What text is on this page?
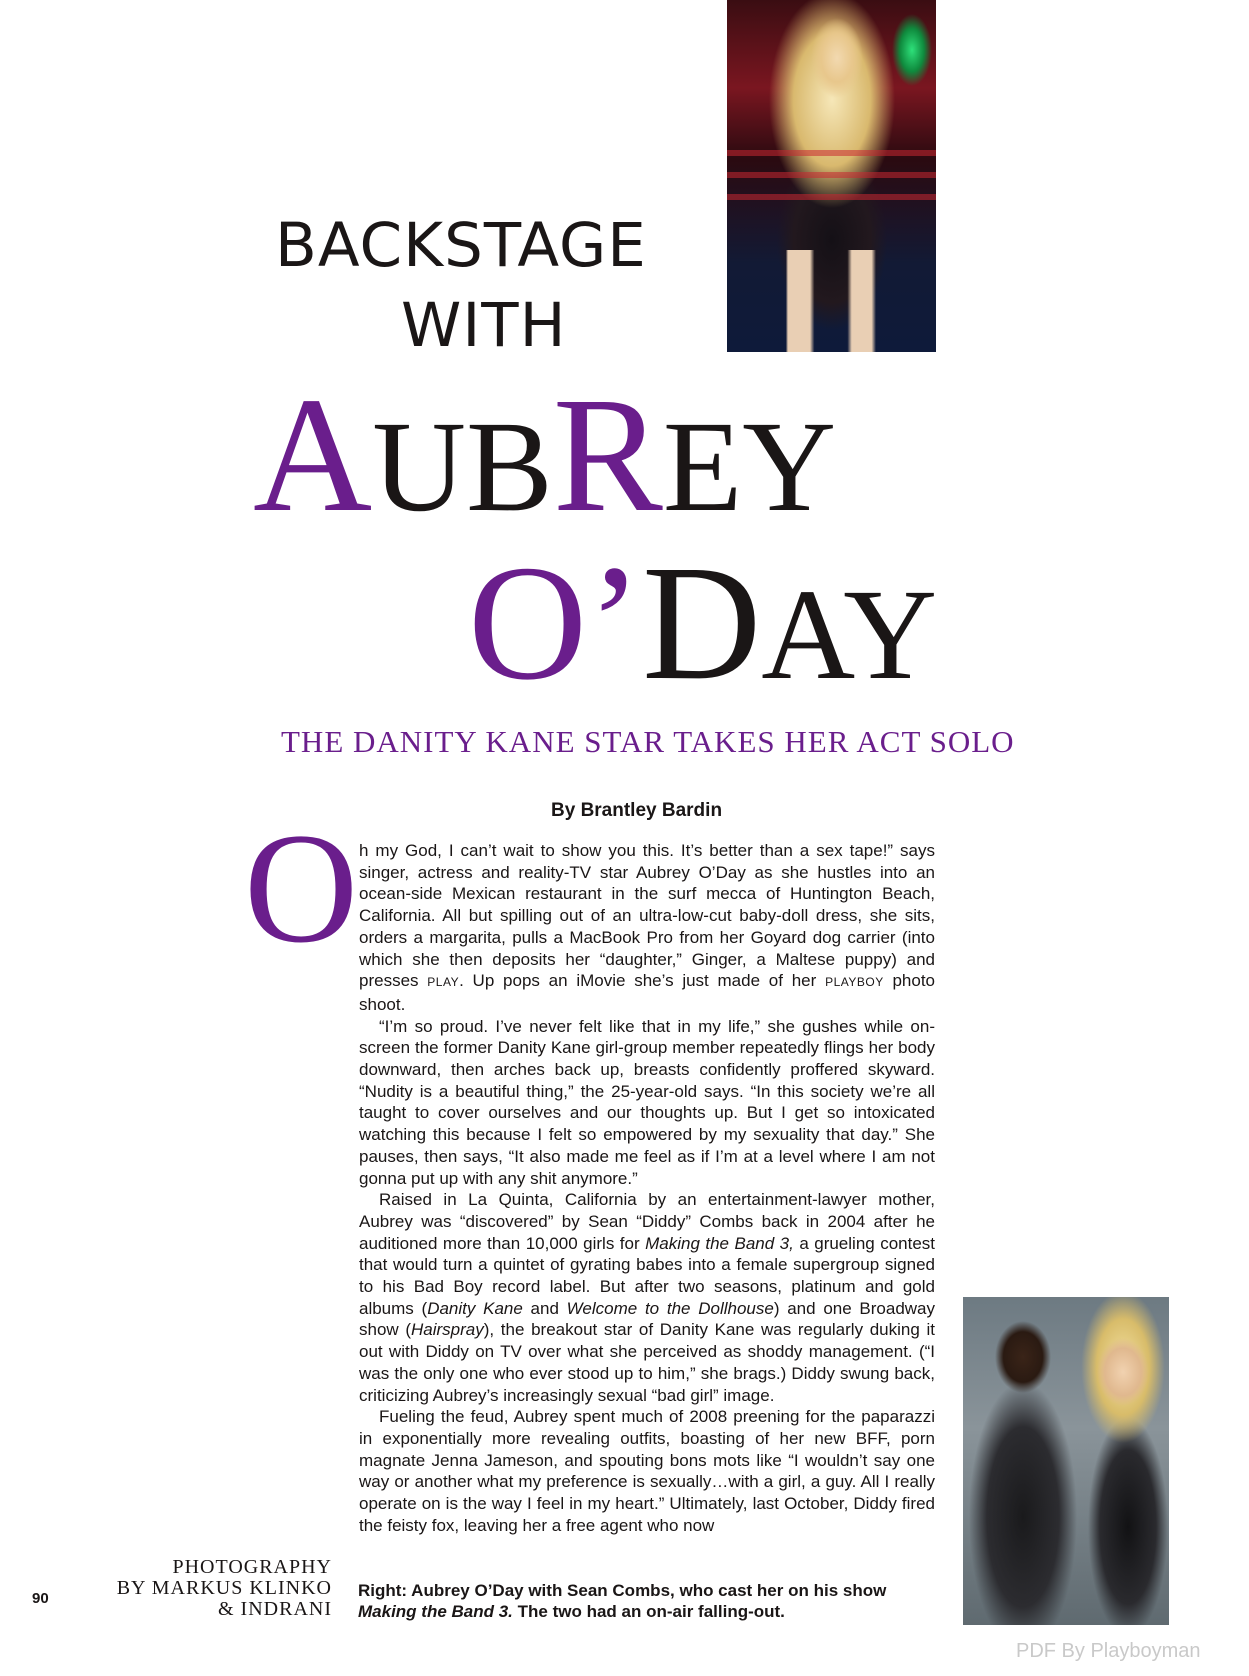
BACKSTAGE
WITH
AUBREY
O’DAY
THE DANITY KANE STAR TAKES HER ACT SOLO
By Brantley Bardin
O h my God, I can’t wait to show you this. It’s better than a sex tape!” says singer, actress and reality-TV star Aubrey O’Day as she hustles into an ocean-side Mexican restaurant in the surf mecca of Huntington Beach, California. All but spilling out of an ultra-low-cut baby-doll dress, she sits, orders a margarita, pulls a MacBook Pro from her Goyard dog carrier (into which she then deposits her “daughter,” Ginger, a Maltese puppy) and presses PLAY. Up pops an iMovie she’s just made of her PLAYBOY photo shoot.

“I’m so proud. I’ve never felt like that in my life,” she gushes while on-screen the former Danity Kane girl-group member repeatedly flings her body downward, then arches back up, breasts confidently proffered skyward. “Nudity is a beautiful thing,” the 25-year-old says. “In this society we’re all taught to cover ourselves and our thoughts up. But I get so intoxicated watching this because I felt so empowered by my sexuality that day.” She pauses, then says, “It also made me feel as if I’m at a level where I am not gonna put up with any shit anymore.”

Raised in La Quinta, California by an entertainment-lawyer mother, Aubrey was “discovered” by Sean “Diddy” Combs back in 2004 after he auditioned more than 10,000 girls for Making the Band 3, a grueling contest that would turn a quintet of gyrating babes into a female supergroup signed to his Bad Boy record label. But after two seasons, platinum and gold albums (Danity Kane and Welcome to the Dollhouse) and one Broadway show (Hairspray), the breakout star of Danity Kane was regularly duking it out with Diddy on TV over what she perceived as shoddy management. (“I was the only one who ever stood up to him,” she brags.) Diddy swung back, criticizing Aubrey’s increasingly sexual “bad girl” image.

Fueling the feud, Aubrey spent much of 2008 preening for the paparazzi in exponentially more revealing outfits, boasting of her new BFF, porn magnate Jenna Jameson, and spouting bons mots like “I wouldn’t say one way or another what my preference is sexually…with a girl, a guy. All I really operate on is the way I feel in my heart.” Ultimately, last October, Diddy fired the feisty fox, leaving her a free agent who now

Right: Aubrey O’Day with Sean Combs, who cast her on his show Making the Band 3. The two had an on-air falling-out.
PHOTOGRAPHY
BY MARKUS KLINKO
& INDRANI
90
PDF By Playboyman
